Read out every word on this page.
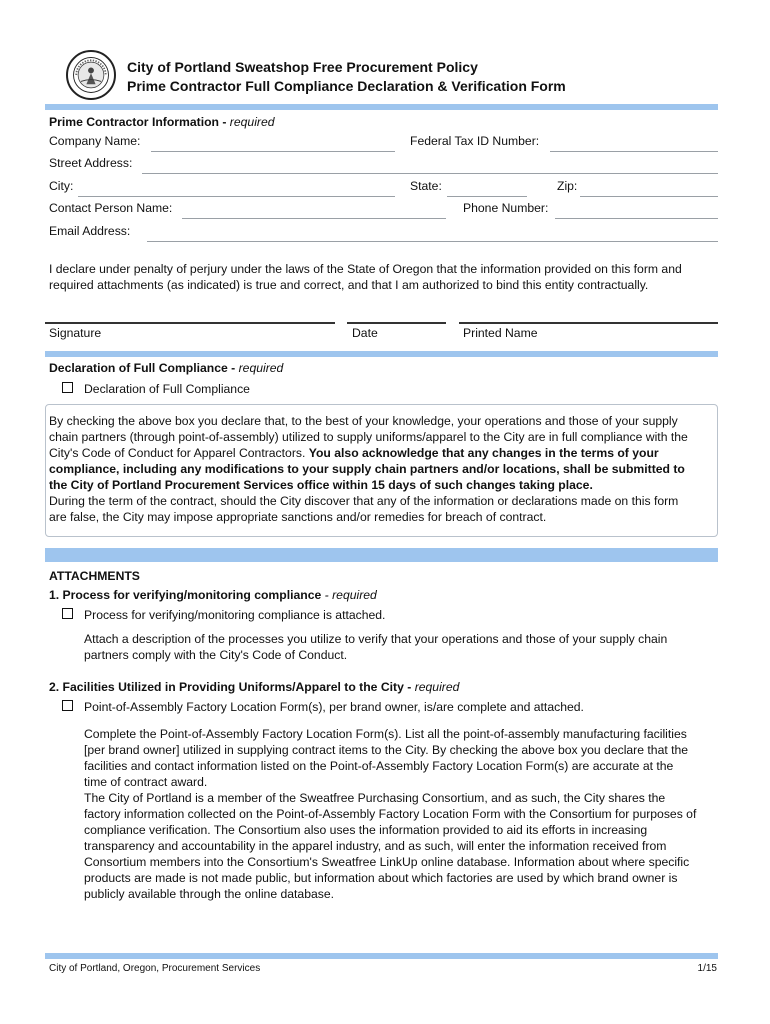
City of Portland Sweatshop Free Procurement Policy
Prime Contractor Full Compliance Declaration & Verification Form
Prime Contractor Information - required
Company Name:	Federal Tax ID Number:
Street Address:
City:	State:	Zip:
Contact Person Name:	Phone Number:
Email Address:
I declare under penalty of perjury under the laws of the State of Oregon that the information provided on this form and
required attachments (as indicated) is true and correct, and that I am authorized to bind this entity contractually.
Signature	Date	Printed Name
Declaration of Full Compliance - required
Declaration of Full Compliance
By checking the above box you declare that, to the best of your knowledge, your operations and those of your supply
chain partners (through point-of-assembly) utilized to supply uniforms/apparel to the City are in full compliance with the
City's Code of Conduct for Apparel Contractors. You also acknowledge that any changes in the terms of your
compliance, including any modifications to your supply chain partners and/or locations, shall be submitted to
the City of Portland Procurement Services office within 15 days of such changes taking place.
During the term of the contract, should the City discover that any of the information or declarations made on this form
are false, the City may impose appropriate sanctions and/or remedies for breach of contract.
ATTACHMENTS
1. Process for verifying/monitoring compliance - required
Process for verifying/monitoring compliance is attached.
Attach a description of the processes you utilize to verify that your operations and those of your supply chain
partners comply with the City's Code of Conduct.
2. Facilities Utilized in Providing Uniforms/Apparel to the City - required
Point-of-Assembly Factory Location Form(s), per brand owner, is/are complete and attached.
Complete the Point-of-Assembly Factory Location Form(s). List all the point-of-assembly manufacturing facilities
[per brand owner] utilized in supplying contract items to the City. By checking the above box you declare that the
facilities and contact information listed on the Point-of-Assembly Factory Location Form(s) are accurate at the
time of contract award.
The City of Portland is a member of the Sweatfree Purchasing Consortium, and as such, the City shares the
factory information collected on the Point-of-Assembly Factory Location Form with the Consortium for purposes of
compliance verification. The Consortium also uses the information provided to aid its efforts in increasing
transparency and accountability in the apparel industry, and as such, will enter the information received from
Consortium members into the Consortium's Sweatfree LinkUp online database. Information about where specific
products are made is not made public, but information about which factories are used by which brand owner is
publicly available through the online database.
City of Portland, Oregon, Procurement Services	1/15
